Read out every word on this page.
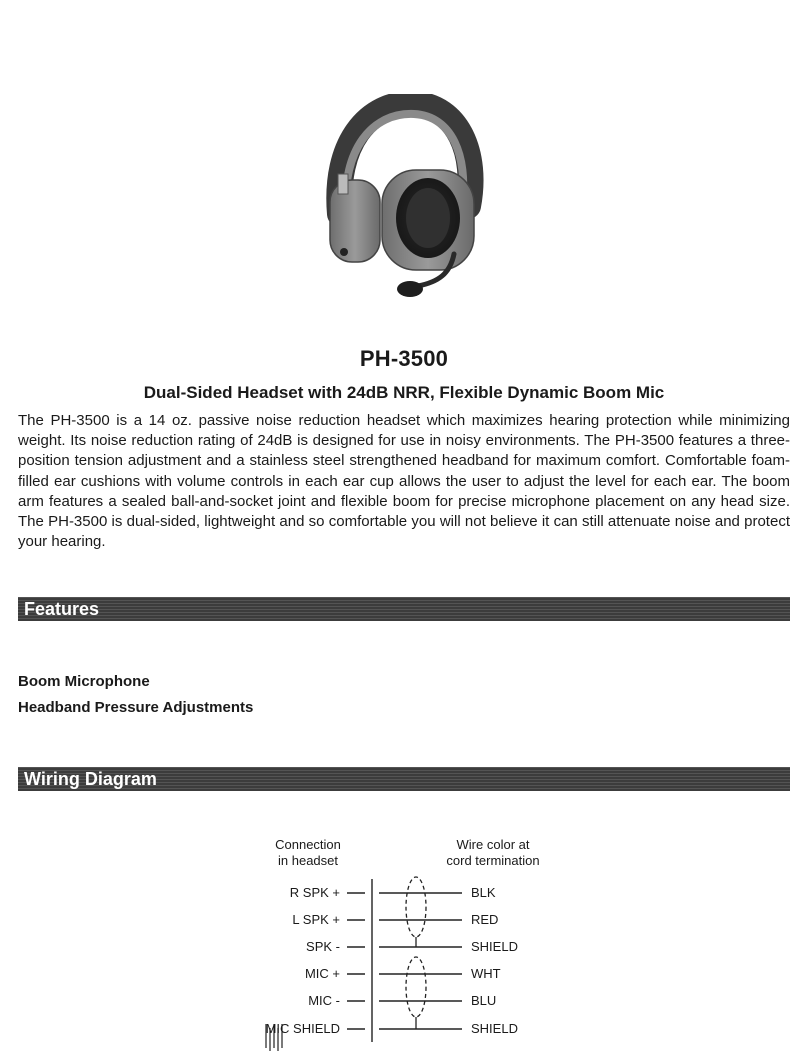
PH-3500
Dual-Sided Headset with 24dB NRR, Flexible Dynamic Boom Mic

The PH-3500 is a 14 oz. passive noise reduction headset which maximizes hearing protection while minimizing weight. Its noise reduction rating of 24dB is designed for use in noisy environments. The PH-3500 features a three-position tension adjustment and a stainless steel strengthened headband for maximum comfort. Comfortable foam-filled ear cushions with volume controls in each ear cup allows the user to adjust the level for each ear. The boom arm features a sealed ball-and-socket joint and flexible boom for precise microphone placement on any head size. The PH-3500 is dual-sided, lightweight and so comfortable you will not believe it can still attenuate noise and protect your hearing.

Features
Boom Microphone
Headband Pressure Adjustments
Wiring Diagram
Connection
in headset
Wire color at
cord termination
R SPK +	BLK
L SPK +	RED
SPK -	SHIELD
MIC +	WHT
MIC -	BLU
MIC SHIELD	SHIELD
